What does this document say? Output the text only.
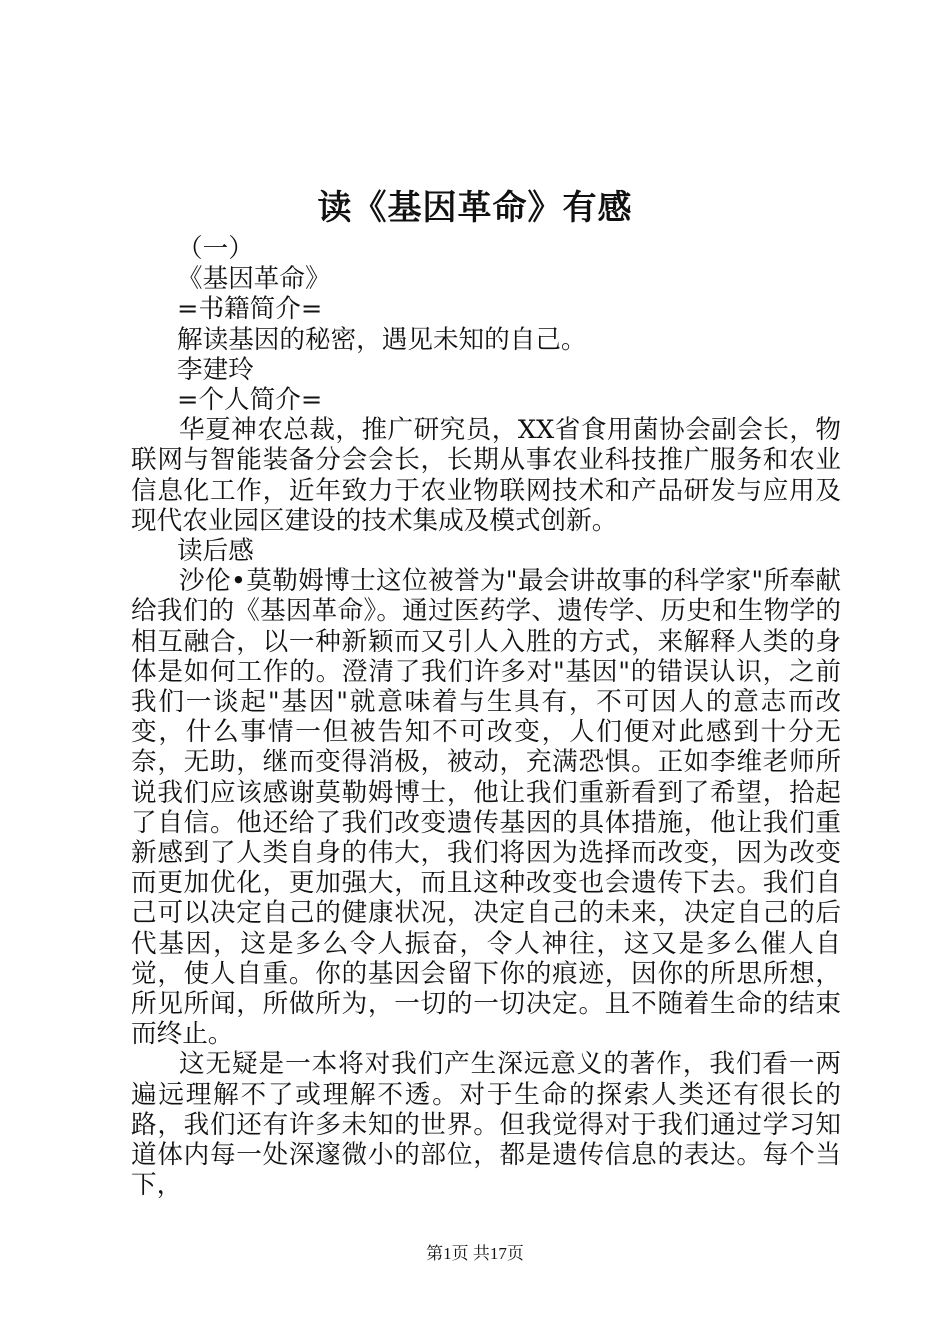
读《基因革命》有感

（一）

《基因革命》

=书籍简介=

解读基因的秘密，遇见未知的自己。

李建玲

=个人简介=

华夏神农总裁，推广研究员，XX省食用菌协会副会长，物联网与智能装备分会会长，长期从事农业科技推广服务和农业信息化工作，近年致力于农业物联网技术和产品研发与应用及现代农业园区建设的技术集成及模式创新。

读后感

沙伦•莫勒姆博士这位被誉为"最会讲故事的科学家"所奉献给我们的《基因革命》。通过医药学、遗传学、历史和生物学的相互融合，以一种新颖而又引人入胜的方式，来解释人类的身体是如何工作的。澄清了我们许多对"基因"的错误认识，之前我们一谈起"基因"就意味着与生具有，不可因人的意志而改变，什么事情一但被告知不可改变，人们便对此感到十分无奈，无助，继而变得消极，被动，充满恐惧。正如李维老师所说我们应该感谢莫勒姆博士，他让我们重新看到了希望，拾起了自信。他还给了我们改变遗传基因的具体措施，他让我们重新感到了人类自身的伟大，我们将因为选择而改变，因为改变而更加优化，更加强大，而且这种改变也会遗传下去。我们自己可以决定自己的健康状况，决定自己的未来，决定自己的后代基因，这是多么令人振奋，令人神往，这又是多么催人自觉，使人自重。你的基因会留下你的痕迹，因你的所思所想，所见所闻，所做所为，一切的一切决定。且不随着生命的结束而终止。

这无疑是一本将对我们产生深远意义的著作，我们看一两遍远理解不了或理解不透。对于生命的探索人类还有很长的路，我们还有许多未知的世界。但我觉得对于我们通过学习知道体内每一处深邃微小的部位，都是遗传信息的表达。每个当下，

第1页 共17页
